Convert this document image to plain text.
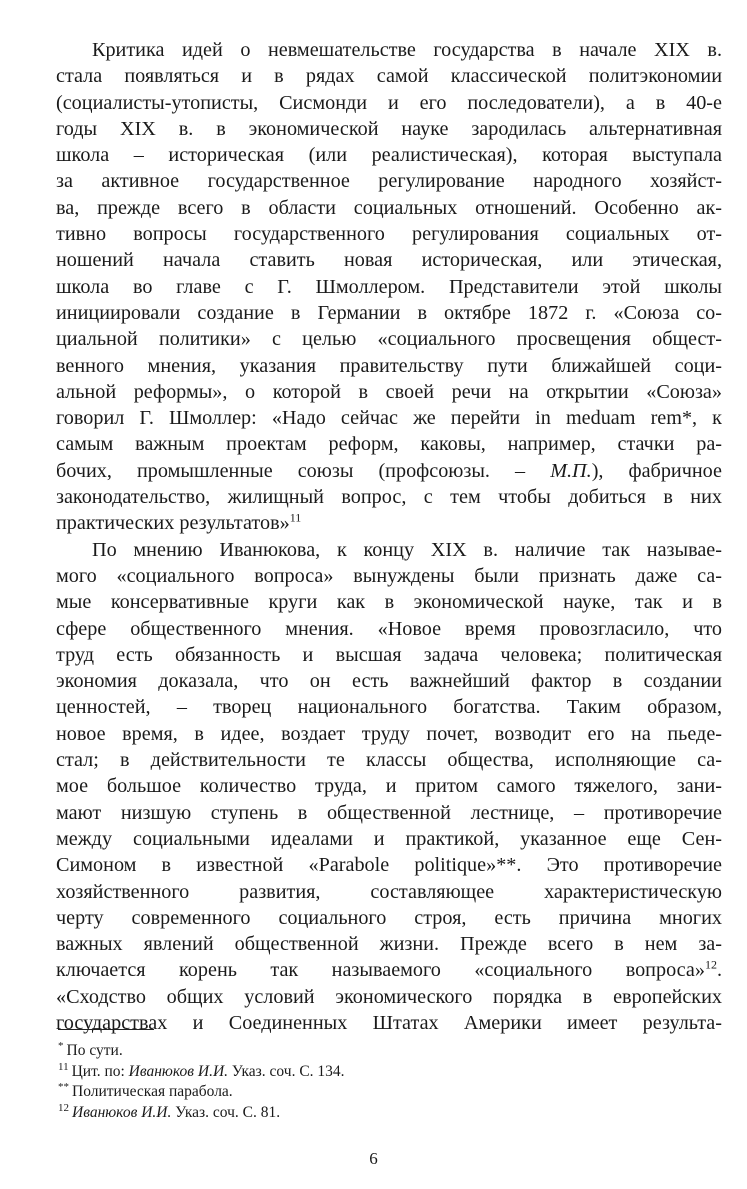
Критика идей о невмешательстве государства в начале XIX в.
стала появляться и в рядах самой классической политэкономии
(социалисты-утописты, Сисмонди и его последователи), а в 40-е
годы XIX в. в экономической науке зародилась альтернативная
школа – историческая (или реалистическая), которая выступала
за активное государственное регулирование народного хозяйст-
ва, прежде всего в области социальных отношений. Особенно ак-
тивно вопросы государственного регулирования социальных от-
ношений начала ставить новая историческая, или этическая,
школа во главе с Г. Шмоллером. Представители этой школы
инициировали создание в Германии в октябре 1872 г. «Союза со-
циальной политики» с целью «социального просвещения общест-
венного мнения, указания правительству пути ближайшей соци-
альной реформы», о которой в своей речи на открытии «Союза»
говорил Г. Шмоллер: «Надо сейчас же перейти in meduam rem*, к
самым важным проектам реформ, каковы, например, стачки ра-
бочих, промышленные союзы (профсоюзы. – М.П.), фабричное
законодательство, жилищный вопрос, с тем чтобы добиться в них
практических результатов»$^{11}$
По мнению Иванюкова, к концу XIX в. наличие так называе-
мого «социального вопроса» вынуждены были признать даже са-
мые консервативные круги как в экономической науке, так и в
сфере общественного мнения. «Новое время провозгласило, что
труд есть обязанность и высшая задача человека; политическая
экономия доказала, что он есть важнейший фактор в создании
ценностей, – творец национального богатства. Таким образом,
новое время, в идее, воздает труду почет, возводит его на пьеде-
стал; в действительности те классы общества, исполняющие са-
мое большое количество труда, и притом самого тяжелого, зани-
мают низшую ступень в общественной лестнице, – противоречие
между социальными идеалами и практикой, указанное еще Сен-
Симоном в известной «Parabole politique»**. Это противоречие
хозяйственного развития, составляющее характеристическую
черту современного социального строя, есть причина многих
важных явлений общественной жизни. Прежде всего в нем за-
ключается корень так называемого «социального вопроса»$^{12}$.
«Сходство общих условий экономического порядка в европейских
государствах и Соединенных Штатах Америки имеет результа-
* По сути.
$^{11}$ Цит. по: Иванюков И.И. Указ. соч. С. 134.
** Политическая парабола.
$^{12}$ Иванюков И.И. Указ. соч. С. 81.
6
